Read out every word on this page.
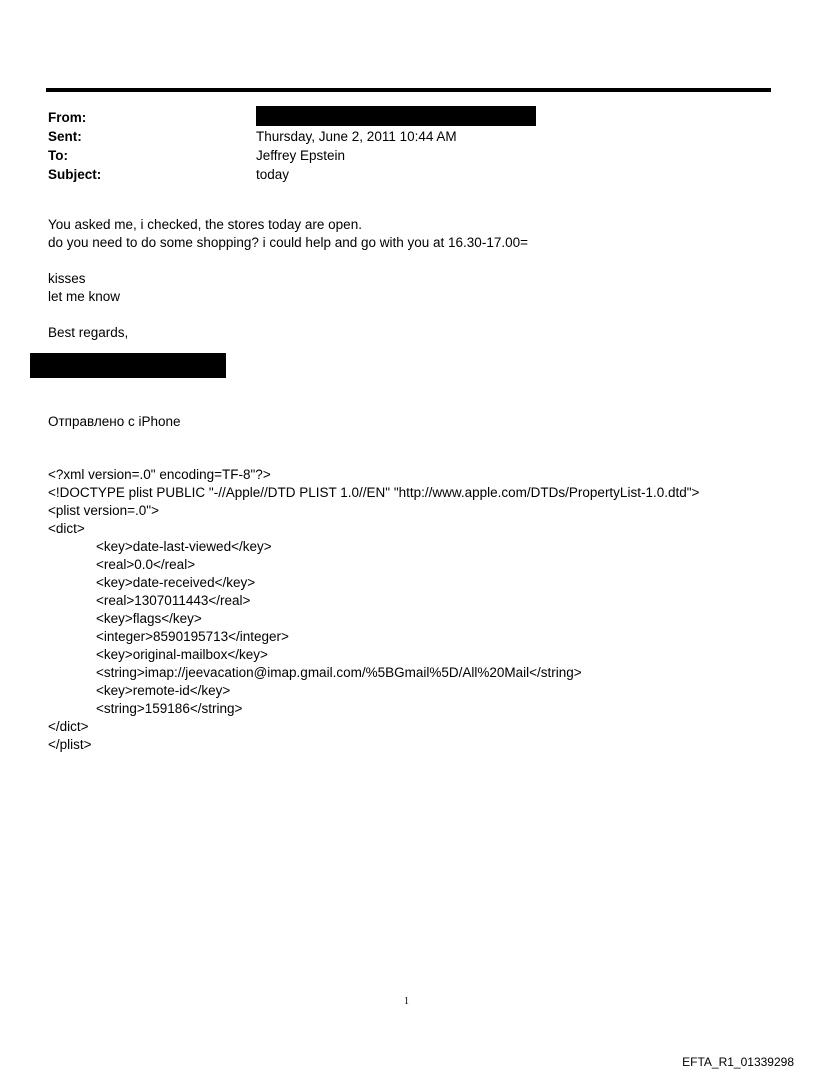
From:
Sent:	Thursday, June 2, 2011 10:44 AM
To:	Jeffrey Epstein
Subject:	today
You asked me, i checked, the stores today are open.
do you need to do some shopping? i could help and go with you at 16.30-17.00=
kisses
let me know
Best regards,
Отправлено с iPhone
<?xml version=.0" encoding=TF-8"?>
<!DOCTYPE plist PUBLIC "-//Apple//DTD PLIST 1.0//EN" "http://www.apple.com/DTDs/PropertyList-1.0.dtd">
<plist version=.0">
<dict>
<key>date-last-viewed</key>
<real>0.0</real>
<key>date-received</key>
<real>1307011443</real>
<key>flags</key>
<integer>8590195713</integer>
<key>original-mailbox</key>
<string>imap://jeevacation@imap.gmail.com/%5BGmail%5D/All%20Mail</string>
<key>remote-id</key>
<string>159186</string>
</dict>
</plist>
1
EFTA_R1_01339298
